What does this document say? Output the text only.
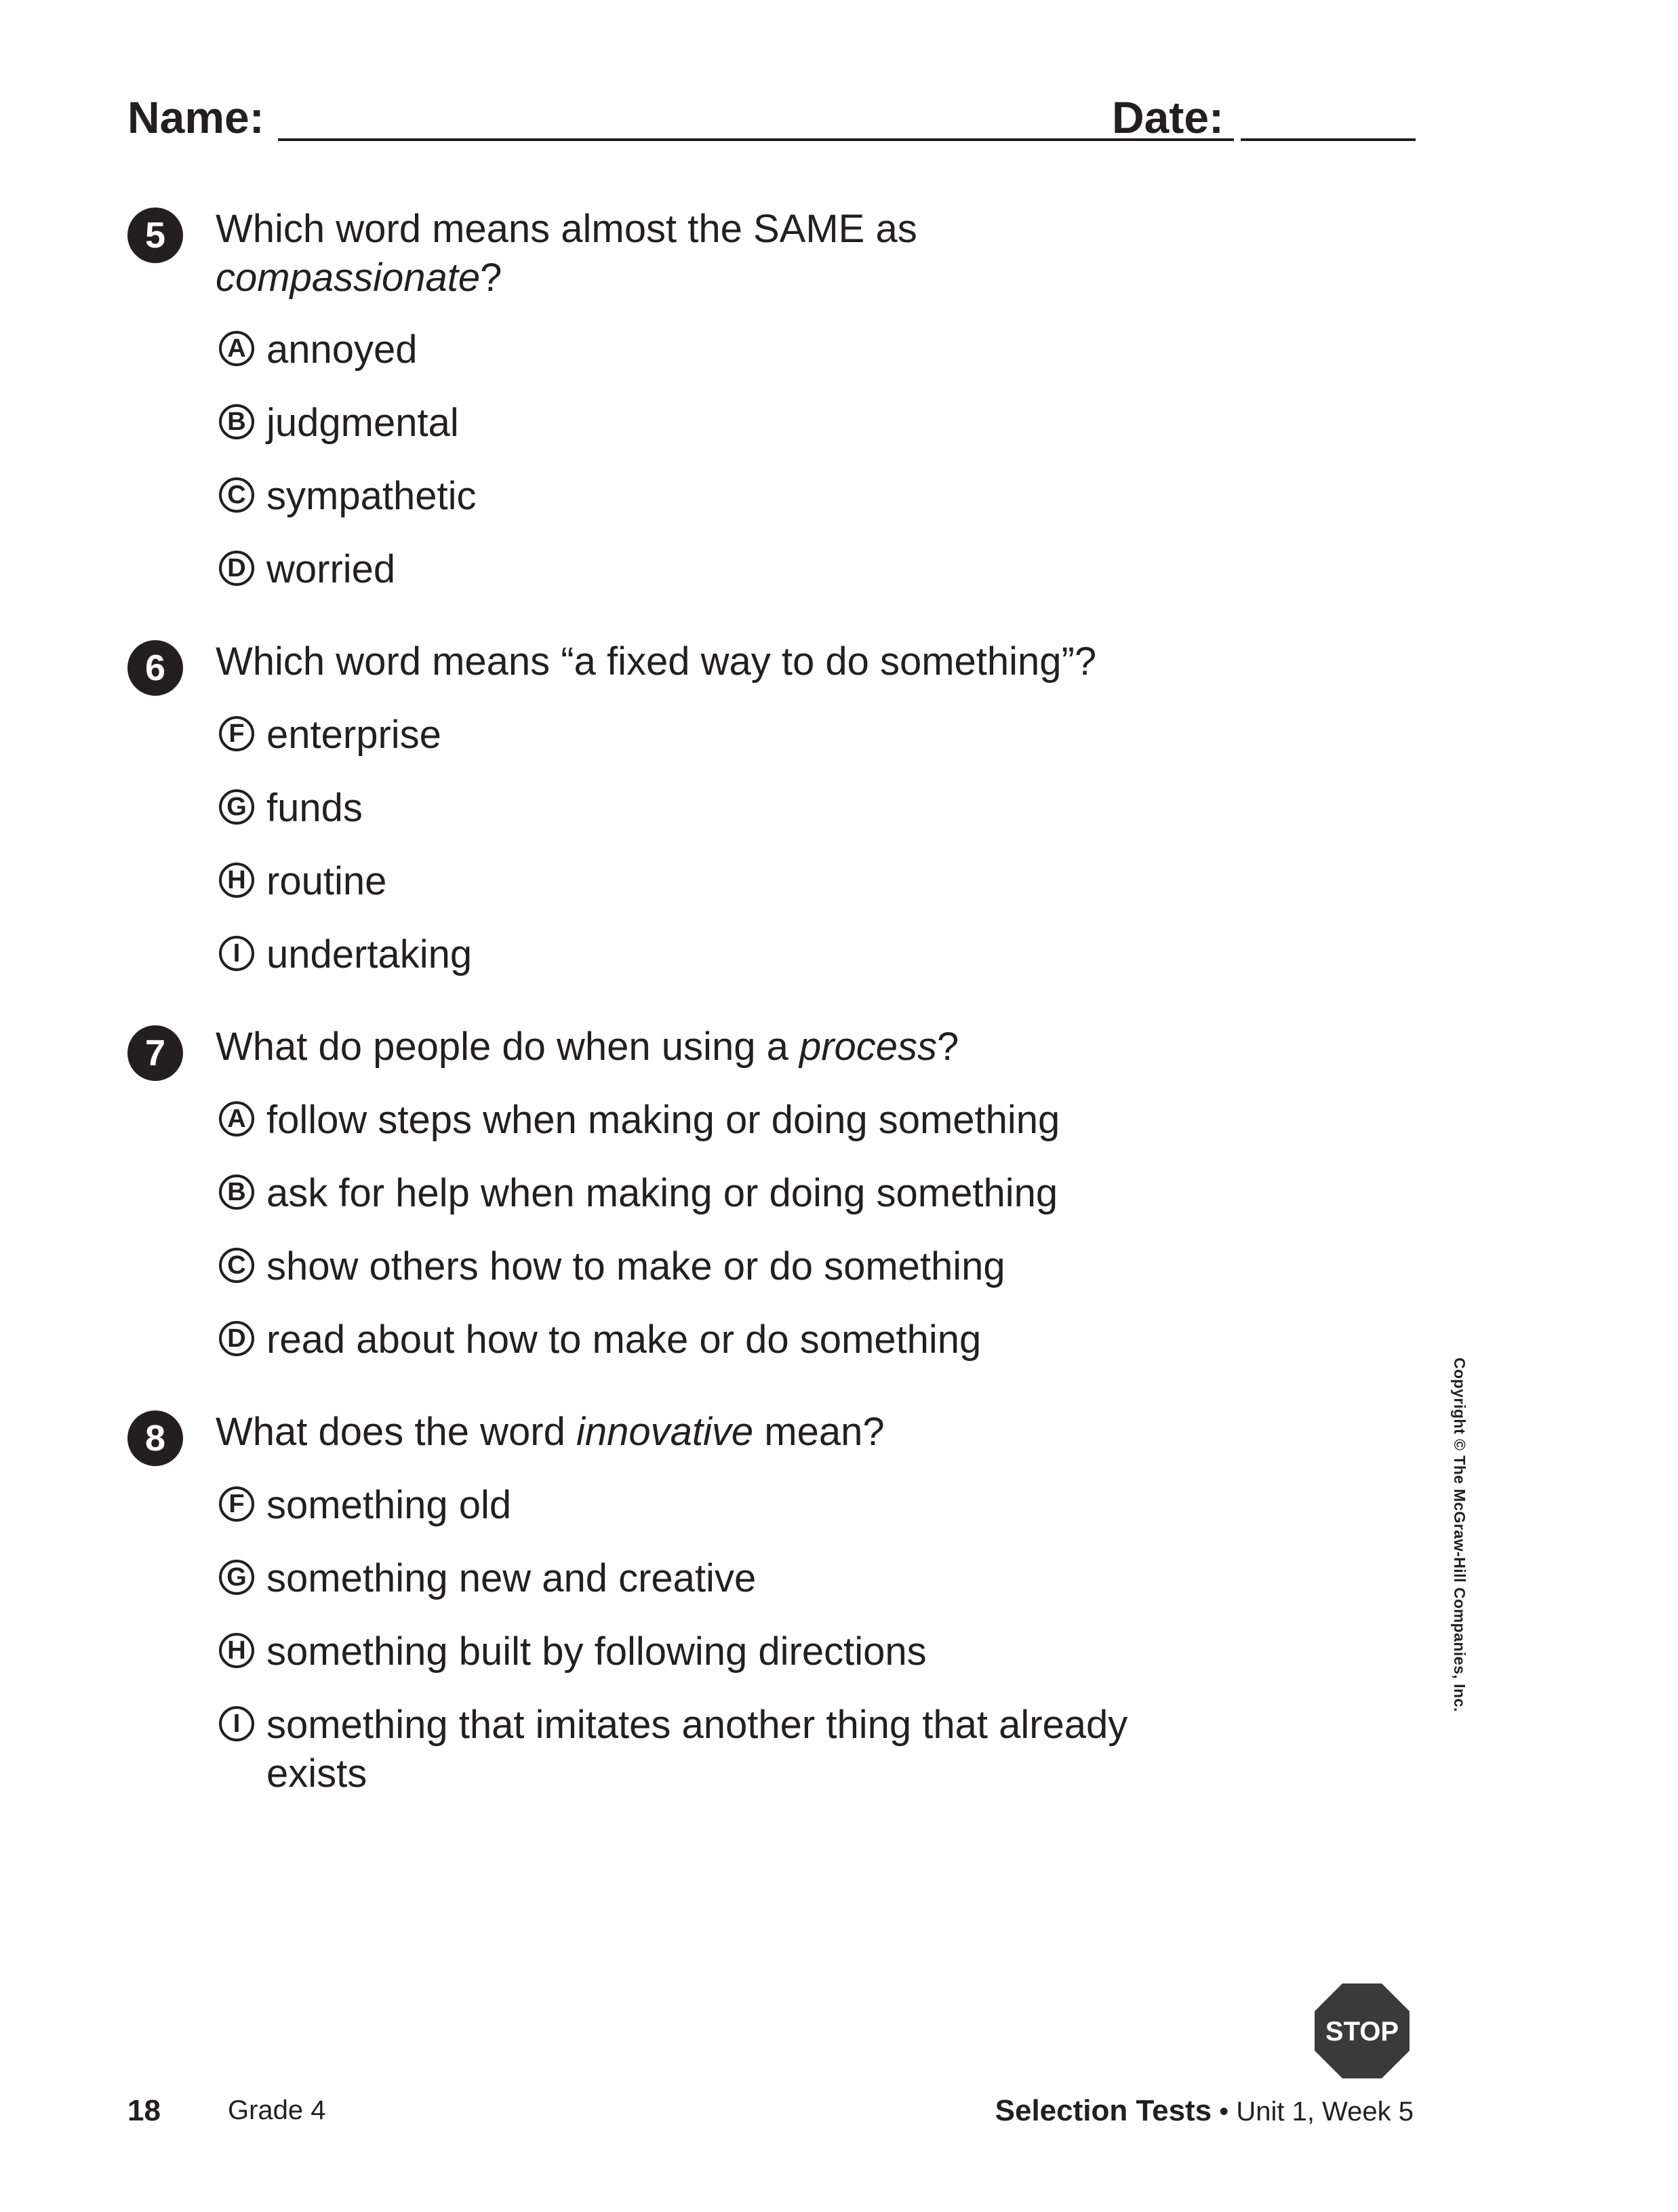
Name:	Date:
5	Which word means almost the SAME as
compassionate?
A annoyed
B judgmental
C sympathetic
D worried
6	Which word means “a fixed way to do something”?
F enterprise
G funds
H routine
I undertaking
7	What do people do when using a process?
A follow steps when making or doing something
B ask for help when making or doing something
C show others how to make or do something
D read about how to make or do something
8	What does the word innovative mean?
F something old
G something new and creative
H something built by following directions
I something that imitates another thing that already exists
Copyright © The McGraw-Hill Companies, Inc.
STOP
18 Grade 4	Selection Tests • Unit 1, Week 5
